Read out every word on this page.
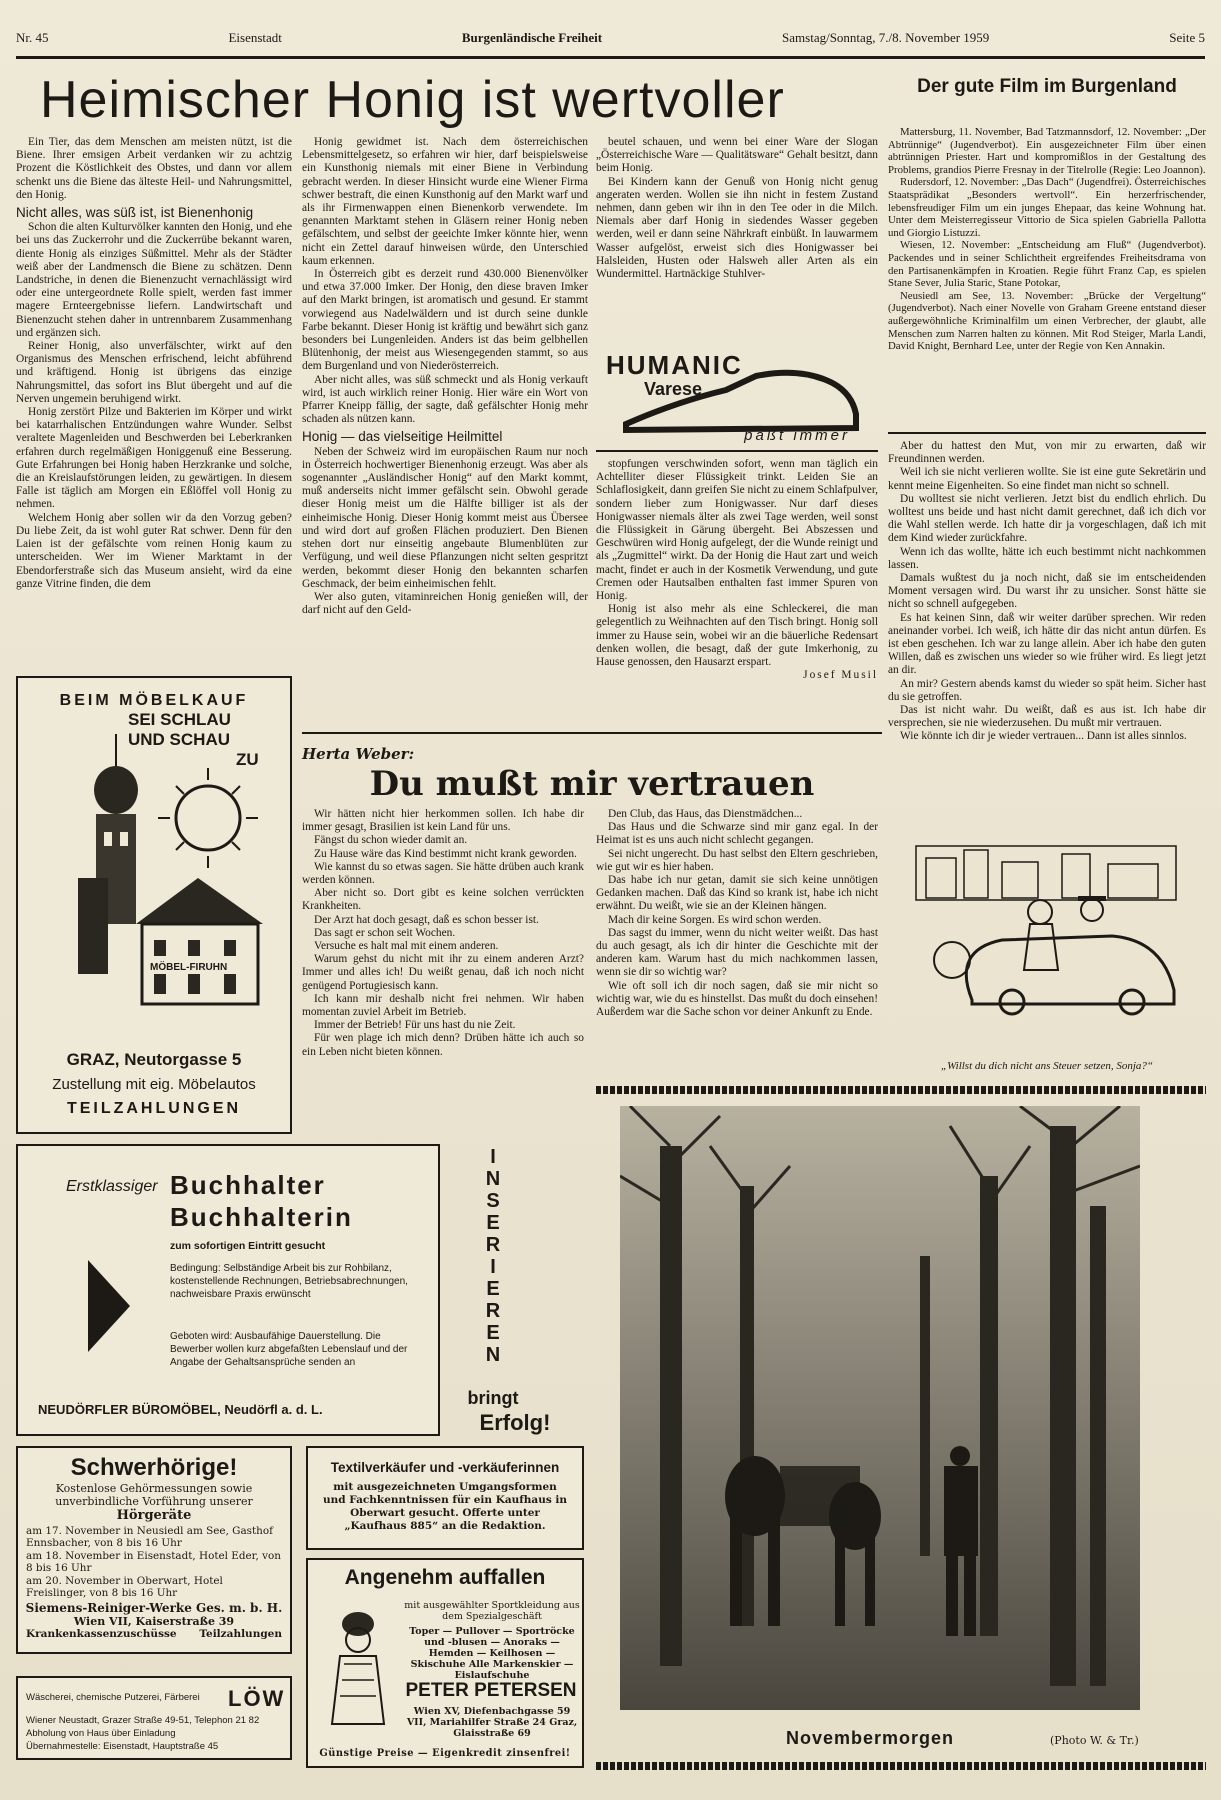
Nr. 45	Eisenstadt	Burgenländische Freiheit	Samstag/Sonntag, 7./8. November 1959	Seite 5
Heimischer Honig ist wertvoller

Ein Tier, das dem Menschen am meisten nützt, ist die Biene. Ihrer emsigen Arbeit verdanken wir zu achtzig Prozent die Köstlichkeit des Obstes, und dann vor allem schenkt uns die Biene das älteste Heil- und Nahrungsmittel, den Honig.

Nicht alles, was süß ist, ist Bienenhonig

Schon die alten Kulturvölker kannten den Honig, und ehe bei uns das Zuckerrohr und die Zuckerrübe bekannt waren, diente Honig als einziges Süßmittel. Mehr als der Städter weiß aber der Landmensch die Biene zu schätzen. Denn Landstriche, in denen die Bienenzucht vernachlässigt wird oder eine untergeordnete Rolle spielt, werden fast immer magere Ernteergebnisse liefern. Landwirtschaft und Bienenzucht stehen daher in untrennbarem Zusammenhang und ergänzen sich.

Reiner Honig, also unverfälschter, wirkt auf den Organismus des Menschen erfrischend, leicht abführend und kräftigend. Honig ist übrigens das einzige Nahrungsmittel, das sofort ins Blut übergeht und auf die Nerven ungemein beruhigend wirkt.

Honig zerstört Pilze und Bakterien im Körper und wirkt bei katarrhalischen Entzündungen wahre Wunder. Selbst veraltete Magenleiden und Beschwerden bei Leberkranken erfahren durch regelmäßigen Honiggenuß eine Besserung. Gute Erfahrungen bei Honig haben Herzkranke und solche, die an Kreislaufstörungen leiden, zu gewärtigen. In diesem Falle ist täglich am Morgen ein Eßlöffel voll Honig zu nehmen.

Welchem Honig aber sollen wir da den Vorzug geben? Du liebe Zeit, da ist wohl guter Rat schwer. Denn für den Laien ist der gefälschte vom reinen Honig kaum zu unterscheiden. Wer im Wiener Marktamt in der Ebendorferstraße sich das Museum ansieht, wird da eine ganze Vitrine finden, die dem

Honig gewidmet ist. Nach dem österreichischen Lebensmittelgesetz, so erfahren wir hier, darf beispielsweise ein Kunsthonig niemals mit einer Biene in Verbindung gebracht werden. In dieser Hinsicht wurde eine Wiener Firma schwer bestraft, die einen Kunsthonig auf den Markt warf und als ihr Firmenwappen einen Bienenkorb verwendete. Im genannten Marktamt stehen in Gläsern reiner Honig neben gefälschtem, und selbst der geeichte Imker könnte hier, wenn nicht ein Zettel darauf hinweisen würde, den Unterschied kaum erkennen.

In Österreich gibt es derzeit rund 430.000 Bienenvölker und etwa 37.000 Imker. Der Honig, den diese braven Imker auf den Markt bringen, ist aromatisch und gesund. Er stammt vorwiegend aus Nadelwäldern und ist durch seine dunkle Farbe bekannt. Dieser Honig ist kräftig und bewährt sich ganz besonders bei Lungenleiden. Anders ist das beim gelbhellen Blütenhonig, der meist aus Wiesengegenden stammt, so aus dem Burgenland und von Niederösterreich.

Aber nicht alles, was süß schmeckt und als Honig verkauft wird, ist auch wirklich reiner Honig. Hier wäre ein Wort von Pfarrer Kneipp fällig, der sagte, daß gefälschter Honig mehr schaden als nützen kann.

Honig — das vielseitige Heilmittel

Neben der Schweiz wird im europäischen Raum nur noch in Österreich hochwertiger Bienenhonig erzeugt. Was aber als sogenannter „Ausländischer Honig“ auf den Markt kommt, muß anderseits nicht immer gefälscht sein. Obwohl gerade dieser Honig meist um die Hälfte billiger ist als der einheimische Honig. Dieser Honig kommt meist aus Übersee und wird dort auf großen Flächen produziert. Den Bienen stehen dort nur einseitig angebaute Blumenblüten zur Verfügung, und weil diese Pflanzungen nicht selten gespritzt werden, bekommt dieser Honig den bekannten scharfen Geschmack, der beim einheimischen fehlt.

Wer also guten, vitaminreichen Honig genießen will, der darf nicht auf den Geld-

beutel schauen, und wenn bei einer Ware der Slogan „Österreichische Ware — Qualitätsware“ Gehalt besitzt, dann beim Honig.

Bei Kindern kann der Genuß von Honig nicht genug angeraten werden. Wollen sie ihn nicht in festem Zustand nehmen, dann geben wir ihn in den Tee oder in die Milch. Niemals aber darf Honig in siedendes Wasser gegeben werden, weil er dann seine Nährkraft einbüßt. In lauwarmem Wasser aufgelöst, erweist sich dies Honigwasser bei Halsleiden, Husten oder Halsweh aller Arten als ein Wundermittel. Hartnäckige Stuhlver-

HUMANIC
Varese
paßt immer

stopfungen verschwinden sofort, wenn man täglich ein Achtelliter dieser Flüssigkeit trinkt. Leiden Sie an Schlaflosigkeit, dann greifen Sie nicht zu einem Schlafpulver, sondern lieber zum Honigwasser. Nur darf dieses Honigwasser niemals älter als zwei Tage werden, weil sonst die Flüssigkeit in Gärung übergeht. Bei Abszessen und Geschwüren wird Honig aufgelegt, der die Wunde reinigt und als „Zugmittel“ wirkt. Da der Honig die Haut zart und weich macht, findet er auch in der Kosmetik Verwendung, und gute Cremen oder Hautsalben enthalten fast immer Spuren von Honig.

Honig ist also mehr als eine Schleckerei, die man gelegentlich zu Weihnachten auf den Tisch bringt. Honig soll immer zu Hause sein, wobei wir an die bäuerliche Redensart denken wollen, die besagt, daß der gute Imkerhonig, zu Hause genossen, den Hausarzt erspart.

Josef Musil
Der gute Film im Burgenland

Mattersburg, 11. November, Bad Tatzmannsdorf, 12. November: „Der Abtrünnige“ (Jugendverbot). Ein ausgezeichneter Film über einen abtrünnigen Priester. Hart und kompromißlos in der Gestaltung des Problems, grandios Pierre Fresnay in der Titelrolle (Regie: Leo Joannon).

Rudersdorf, 12. November: „Das Dach“ (Jugendfrei). Österreichisches Staatsprädikat „Besonders wertvoll“. Ein herzerfrischender, lebensfreudiger Film um ein junges Ehepaar, das keine Wohnung hat. Unter dem Meisterregisseur Vittorio de Sica spielen Gabriella Pallotta und Giorgio Listuzzi.

Wiesen, 12. November: „Entscheidung am Fluß“ (Jugendverbot). Packendes und in seiner Schlichtheit ergreifendes Freiheitsdrama von den Partisanenkämpfen in Kroatien. Regie führt Franz Cap, es spielen Stane Sever, Julia Staric, Stane Potokar,

Neusiedl am See, 13. November: „Brücke der Vergeltung“ (Jugendverbot). Nach einer Novelle von Graham Greene entstand dieser außergewöhnliche Kriminalfilm um einen Verbrecher, der glaubt, alle Menschen zum Narren halten zu können. Mit Rod Steiger, Marla Landi, David Knight, Bernhard Lee, unter der Regie von Ken Annakin.

BEIM MÖBELKAUF
SEI SCHLAU
UND SCHAU
ZU
MÖBEL-FIRUHN
GRAZ, Neutorgasse 5
Zustellung mit eig. Möbelautos
TEILZAHLUNGEN
Herta Weber:
Du mußt mir vertrauen

Wir hätten nicht hier herkommen sollen. Ich habe dir immer gesagt, Brasilien ist kein Land für uns.

Fängst du schon wieder damit an.

Zu Hause wäre das Kind bestimmt nicht krank geworden.

Wie kannst du so etwas sagen. Sie hätte drüben auch krank werden können.

Aber nicht so. Dort gibt es keine solchen verrückten Krankheiten.

Der Arzt hat doch gesagt, daß es schon besser ist.

Das sagt er schon seit Wochen.

Versuche es halt mal mit einem anderen.

Warum gehst du nicht mit ihr zu einem anderen Arzt? Immer und alles ich! Du weißt genau, daß ich noch nicht genügend Portugiesisch kann.

Ich kann mir deshalb nicht frei nehmen. Wir haben momentan zuviel Arbeit im Betrieb.

Immer der Betrieb! Für uns hast du nie Zeit.

Für wen plage ich mich denn? Drüben hätte ich auch so ein Leben nicht bieten können.

Den Club, das Haus, das Dienstmädchen...

Das Haus und die Schwarze sind mir ganz egal. In der Heimat ist es uns auch nicht schlecht gegangen.

Sei nicht ungerecht. Du hast selbst den Eltern geschrieben, wie gut wir es hier haben.

Das habe ich nur getan, damit sie sich keine unnötigen Gedanken machen. Daß das Kind so krank ist, habe ich nicht erwähnt. Du weißt, wie sie an der Kleinen hängen.

Mach dir keine Sorgen. Es wird schon werden.

Das sagst du immer, wenn du nicht weiter weißt. Das hast du auch gesagt, als ich dir hinter die Geschichte mit der anderen kam. Warum hast du mich nachkommen lassen, wenn sie dir so wichtig war?

Wie oft soll ich dir noch sagen, daß sie mir nicht so wichtig war, wie du es hinstellst. Das mußt du doch einsehen! Außerdem war die Sache schon vor deiner Ankunft zu Ende.

Aber du hattest den Mut, von mir zu erwarten, daß wir Freundinnen werden.

Weil ich sie nicht verlieren wollte. Sie ist eine gute Sekretärin und kennt meine Eigenheiten. So eine findet man nicht so schnell.

Du wolltest sie nicht verlieren. Jetzt bist du endlich ehrlich. Du wolltest uns beide und hast nicht damit gerechnet, daß ich dich vor die Wahl stellen werde. Ich hatte dir ja vorgeschlagen, daß ich mit dem Kind wieder zurückfahre.

Wenn ich das wollte, hätte ich euch bestimmt nicht nachkommen lassen.

Damals wußtest du ja noch nicht, daß sie im entscheidenden Moment versagen wird. Du warst ihr zu unsicher. Sonst hätte sie nicht so schnell aufgegeben.

Es hat keinen Sinn, daß wir weiter darüber sprechen. Wir reden aneinander vorbei. Ich weiß, ich hätte dir das nicht antun dürfen. Es ist eben geschehen. Ich war zu lange allein. Aber ich habe den guten Willen, daß es zwischen uns wieder so wie früher wird. Es liegt jetzt an dir.

An mir? Gestern abends kamst du wieder so spät heim. Sicher hast du sie getroffen.

Das ist nicht wahr. Du weißt, daß es aus ist. Ich habe dir versprechen, sie nie wiederzusehen. Du mußt mir vertrauen.

Wie könnte ich dir je wieder vertrauen... Dann ist alles sinnlos.

„Willst du dich nicht ans Steuer setzen, Sonja?“
Erstklassiger Buchhalter
Buchhalterin
zum sofortigen Eintritt gesucht
Bedingung: Selbständige Arbeit bis zur Rohbilanz, kostenstellende Rechnungen, Betriebsabrechnungen, nachweisbare Praxis erwünscht
Geboten wird: Ausbaufähige Dauerstellung. Die Bewerber wollen kurz abgefaßten Lebenslauf und der Angabe der Gehaltsansprüche senden an
NEUDÖRFLER BÜROMÖBEL, Neudörfl a. d. L.
I
N
S
E
R
I
E
R
E
N
bringt
Erfolg!
Novembermorgen	(Photo W. & Tr.)
Schwerhörige!
Kostenlose Gehörmessungen sowie unverbindliche Vorführung unserer
Hörgeräte
am 17. November in Neusiedl am See, Gasthof Ennsbacher, von 8 bis 16 Uhr
am 18. November in Eisenstadt, Hotel Eder, von 8 bis 16 Uhr
am 20. November in Oberwart, Hotel Freislinger, von 8 bis 16 Uhr
Siemens-Reiniger-Werke Ges. m. b. H.
Wien VII, Kaiserstraße 39
Krankenkassenzuschüsse Teilzahlungen
Textilverkäufer und -verkäuferinnen
mit ausgezeichneten Umgangsformen und Fachkenntnissen für ein Kaufhaus in Oberwart gesucht. Offerte unter „Kaufhaus 885“ an die Redaktion.
Wäscherei, chemische Putzerei, Färberei LÖW
Wiener Neustadt, Grazer Straße 49-51, Telephon 21 82
Abholung von Haus über Einladung
Übernahmestelle: Eisenstadt, Hauptstraße 45
Angenehm auffallen
mit ausgewählter Sportkleidung aus dem Spezialgeschäft
Toper — Pullover — Sportröcke und -blusen — Anoraks — Hemden — Keilhosen — Skischuhe Alle Markenskier — Eislaufschuhe
PETER PETERSEN
Wien XV, Diefenbachgasse 59 VII, Mariahilfer Straße 24 Graz, Glaisstraße 69
Günstige Preise — Eigenkredit zinsenfrei!
